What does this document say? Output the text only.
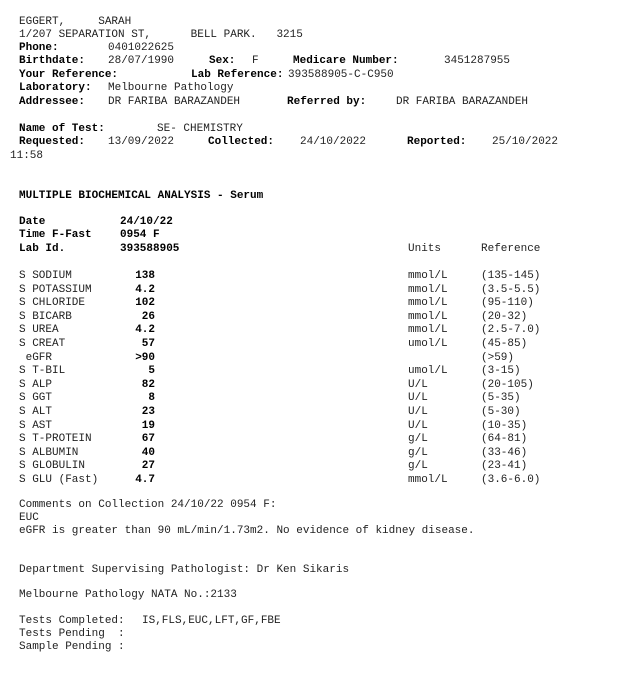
EGGERT,     SARAH
1/207 SEPARATION ST,      BELL PARK.   3215
Phone:	0401022625
Birthdate: 28/07/1990	Sex: F	Medicare Number:	3451287955
Your Reference:	Lab Reference: 393588905-C-C950
Laboratory: Melbourne Pathology
Addressee: DR FARIBA BARAZANDEH	Referred by:	DR FARIBA BARAZANDEH
Name of Test:	SE- CHEMISTRY
Requested: 13/09/2022	Collected: 24/10/2022	Reported: 25/10/2022
11:58
MULTIPLE BIOCHEMICAL ANALYSIS - Serum
Date	24/10/22
Time F-Fast	0954 F
Lab Id.	393588905	Units	Reference
S SODIUM	138	mmol/L	(135-145)
S POTASSIUM	4.2	mmol/L	(3.5-5.5)
S CHLORIDE	102	mmol/L	(95-110)
S BICARB	26	mmol/L	(20-32)
S UREA	4.2	mmol/L	(2.5-7.0)
S CREAT	57	umol/L	(45-85)
eGFR	>90	(>59)
S T-BIL	5	umol/L	(3-15)
S ALP	82	U/L	(20-105)
S GGT	8	U/L	(5-35)
S ALT	23	U/L	(5-30)
S AST	19	U/L	(10-35)
S T-PROTEIN	67	g/L	(64-81)
S ALBUMIN	40	g/L	(33-46)
S GLOBULIN	27	g/L	(23-41)
S GLU (Fast)	4.7	mmol/L	(3.6-6.0)
Comments on Collection 24/10/22 0954 F:
EUC
eGFR is greater than 90 mL/min/1.73m2. No evidence of kidney disease.
Department Supervising Pathologist: Dr Ken Sikaris
Melbourne Pathology NATA No.:2133
Tests Completed: IS,FLS,EUC,LFT,GF,FBE
Tests Pending  :
Sample Pending :
